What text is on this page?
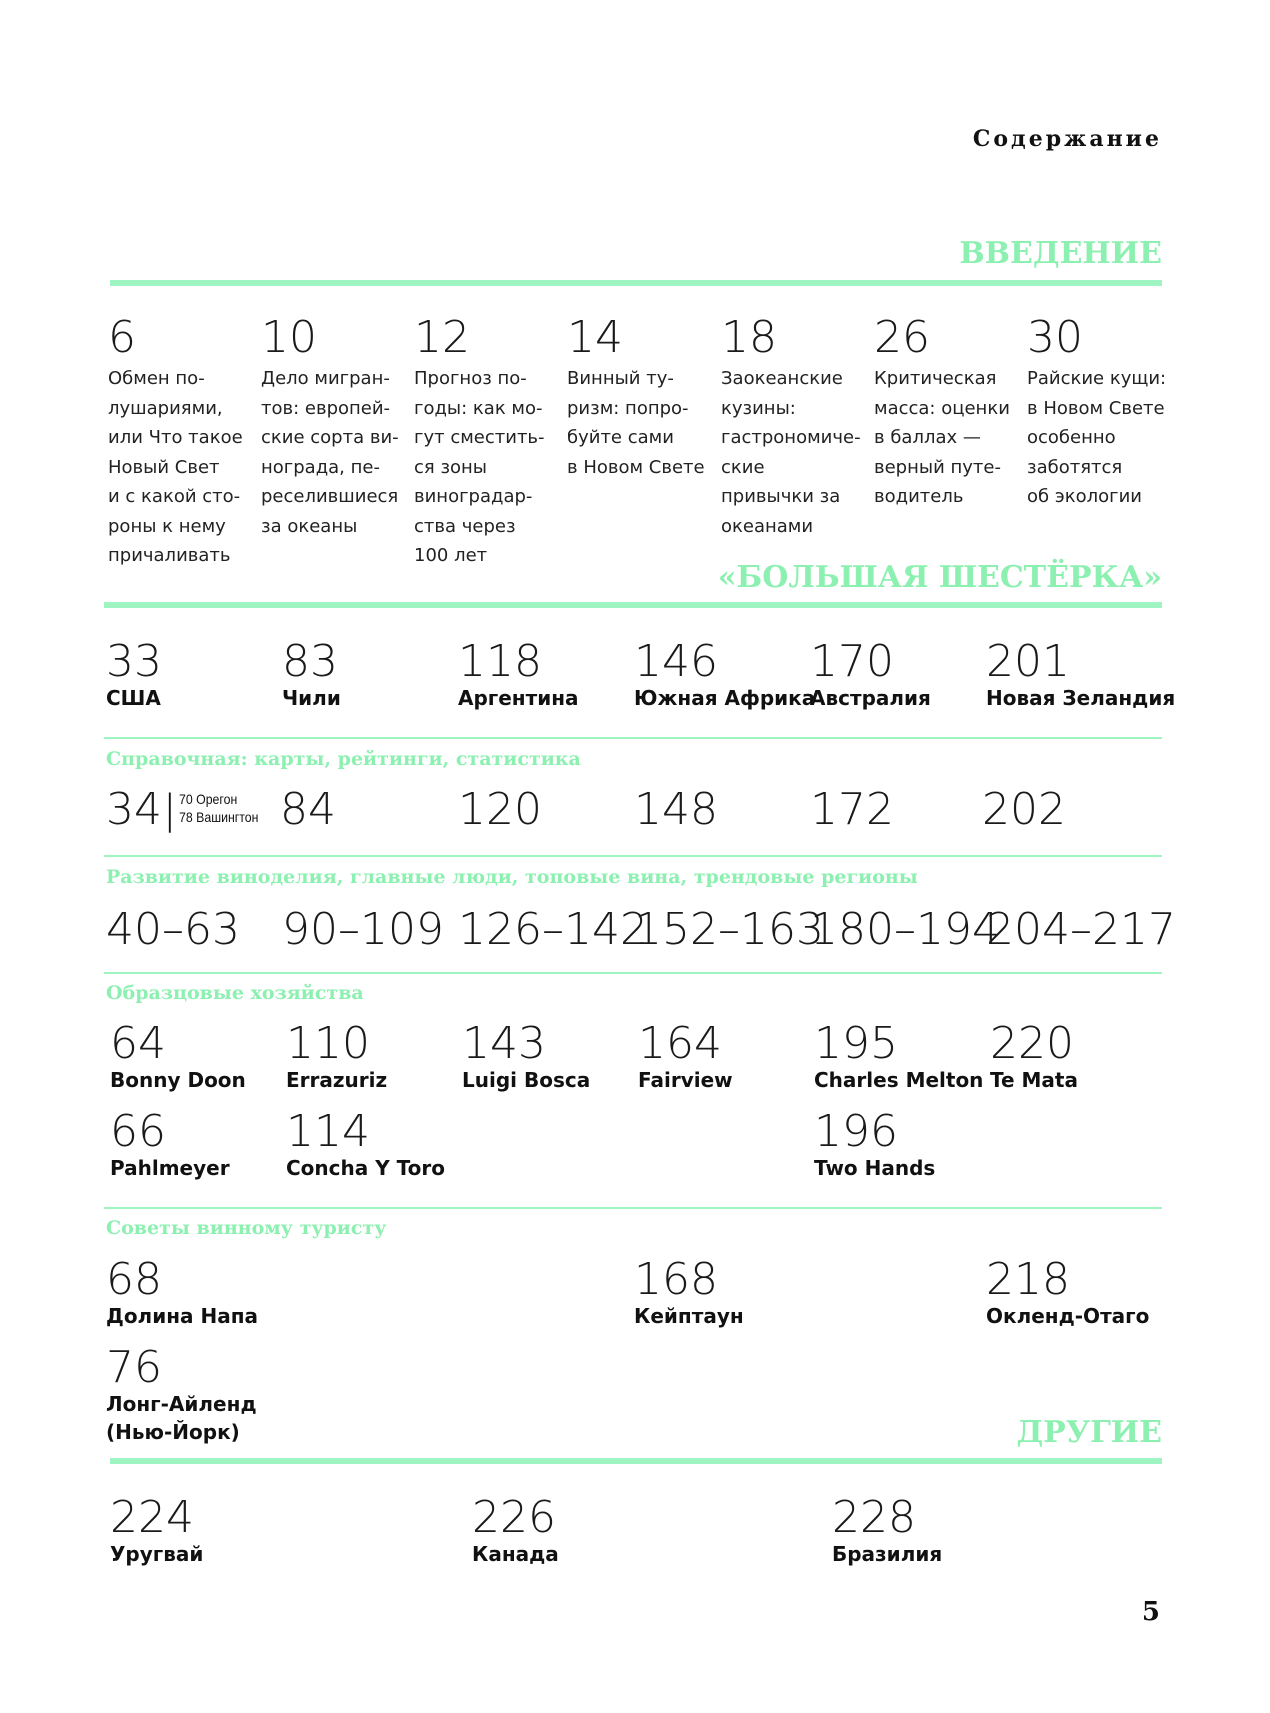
Содержание
ВВЕДЕНИЕ
6
Обмен по-
лушариями,
или Что такое
Новый Свет
и с какой сто-
роны к нему
причаливать
10
Дело мигран-
тов: европей-
ские сорта ви-
нограда, пе-
реселившиеся
за океаны
12
Прогноз по-
годы: как мо-
гут сместить-
ся зоны
виноградар-
ства через
100 лет
14
Винный ту-
ризм: попро-
буйте сами
в Новом Свете
18
Заокеанские
кузины:
гастрономиче-
ские
привычки за
океанами
26
Критическая
масса: оценки
в баллах —
верный путе-
водитель
30
Райские кущи:
в Новом Свете
особенно
заботятся
об экологии
«БОЛЬШАЯ ШЕСТЁРКА»
33
США
83
Чили
118
Аргентина
146
Южная Африка
170
Австралия
201
Новая Зеландия
Справочная: карты, рейтинги, статистика
34| 70 Орегон
78 Вашингтон 84	120 148 172 202
Развитие виноделия, главные люди, топовые вина, трендовые регионы
40–63 90–109 126–142
152–163
180–194
204–217
Образцовые хозяйства
64
Bonny Doon
110
Errazuriz
143
Luigi Bosca
164
Fairview
195
Charles Melton
220
Te Mata
66
Pahlmeyer
114
Concha Y Toro
196
Two Hands
Советы винному туристу
68
Долина Напа
168
Кейптаун
218
Окленд-Отаго
76
Лонг-Айленд (Нью-Йорк)	ДРУГИЕ
224
Уругвай
226
Канада
228
Бразилия
5
